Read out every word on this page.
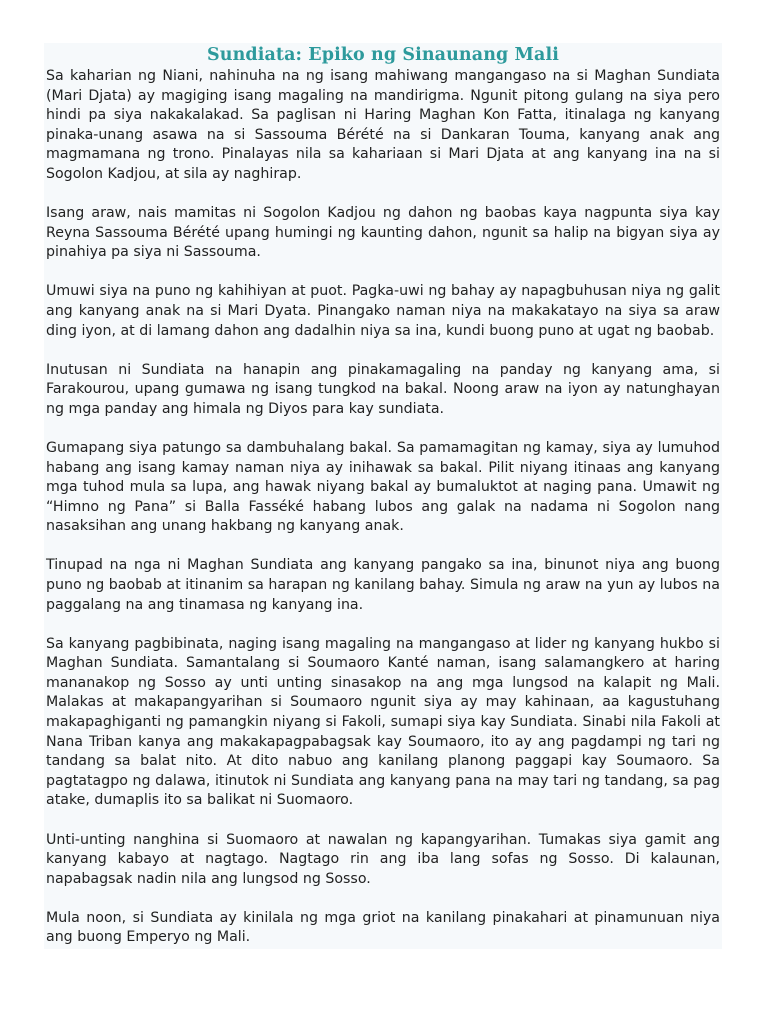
Sundiata: Epiko ng Sinaunang Mali

Sa kaharian ng Niani, nahinuha na ng isang mahiwang mangangaso na si Maghan Sundiata (Mari Djata) ay magiging isang magaling na mandirigma. Ngunit pitong gulang na siya pero hindi pa siya nakakalakad. Sa paglisan ni Haring Maghan Kon Fatta, itinalaga ng kanyang pinaka-unang asawa na si Sassouma Bérété na si Dankaran Touma, kanyang anak ang magmamana ng trono. Pinalayas nila sa kahariaan si Mari Djata at ang kanyang ina na si Sogolon Kadjou, at sila ay naghirap.

Isang araw, nais mamitas ni Sogolon Kadjou ng dahon ng baobas kaya nagpunta siya kay Reyna Sassouma Bérété upang humingi ng kaunting dahon, ngunit sa halip na bigyan siya ay pinahiya pa siya ni Sassouma.

Umuwi siya na puno ng kahihiyan at puot. Pagka-uwi ng bahay ay napagbuhusan niya ng galit ang kanyang anak na si Mari Dyata. Pinangako naman niya na makakatayo na siya sa araw ding iyon, at di lamang dahon ang dadalhin niya sa ina, kundi buong puno at ugat ng baobab.

Inutusan ni Sundiata na hanapin ang pinakamagaling na panday ng kanyang ama, si Farakourou, upang gumawa ng isang tungkod na bakal. Noong araw na iyon ay natunghayan ng mga panday ang himala ng Diyos para kay sundiata.

Gumapang siya patungo sa dambuhalang bakal. Sa pamamagitan ng kamay, siya ay lumuhod habang ang isang kamay naman niya ay inihawak sa bakal. Pilit niyang itinaas ang kanyang mga tuhod mula sa lupa, ang hawak niyang bakal ay bumaluktot at naging pana. Umawit ng “Himno ng Pana” si Balla Fasséké habang lubos ang galak na nadama ni Sogolon nang nasaksihan ang unang hakbang ng kanyang anak.

Tinupad na nga ni Maghan Sundiata ang kanyang pangako sa ina, binunot niya ang buong puno ng baobab at itinanim sa harapan ng kanilang bahay. Simula ng araw na yun ay lubos na paggalang na ang tinamasa ng kanyang ina.

Sa kanyang pagbibinata, naging isang magaling na mangangaso at lider ng kanyang hukbo si Maghan Sundiata. Samantalang si Soumaoro Kanté naman, isang salamangkero at haring mananakop ng Sosso ay unti unting sinasakop na ang mga lungsod na kalapit ng Mali. Malakas at makapangyarihan si Soumaoro ngunit siya ay may kahinaan, aa kagustuhang makapaghiganti ng pamangkin niyang si Fakoli, sumapi siya kay Sundiata. Sinabi nila Fakoli at Nana Triban kanya ang makakapagpabagsak kay Soumaoro, ito ay ang pagdampi ng tari ng tandang sa balat nito. At dito nabuo ang kanilang planong paggapi kay Soumaoro. Sa pagtatagpo ng dalawa, itinutok ni Sundiata ang kanyang pana na may tari ng tandang, sa pag atake, dumaplis ito sa balikat ni Suomaoro.

Unti-unting nanghina si Suomaoro at nawalan ng kapangyarihan. Tumakas siya gamit ang kanyang kabayo at nagtago. Nagtago rin ang iba lang sofas ng Sosso. Di kalaunan, napabagsak nadin nila ang lungsod ng Sosso.

Mula noon, si Sundiata ay kinilala ng mga griot na kanilang pinakahari at pinamunuan niya ang buong Emperyo ng Mali.
